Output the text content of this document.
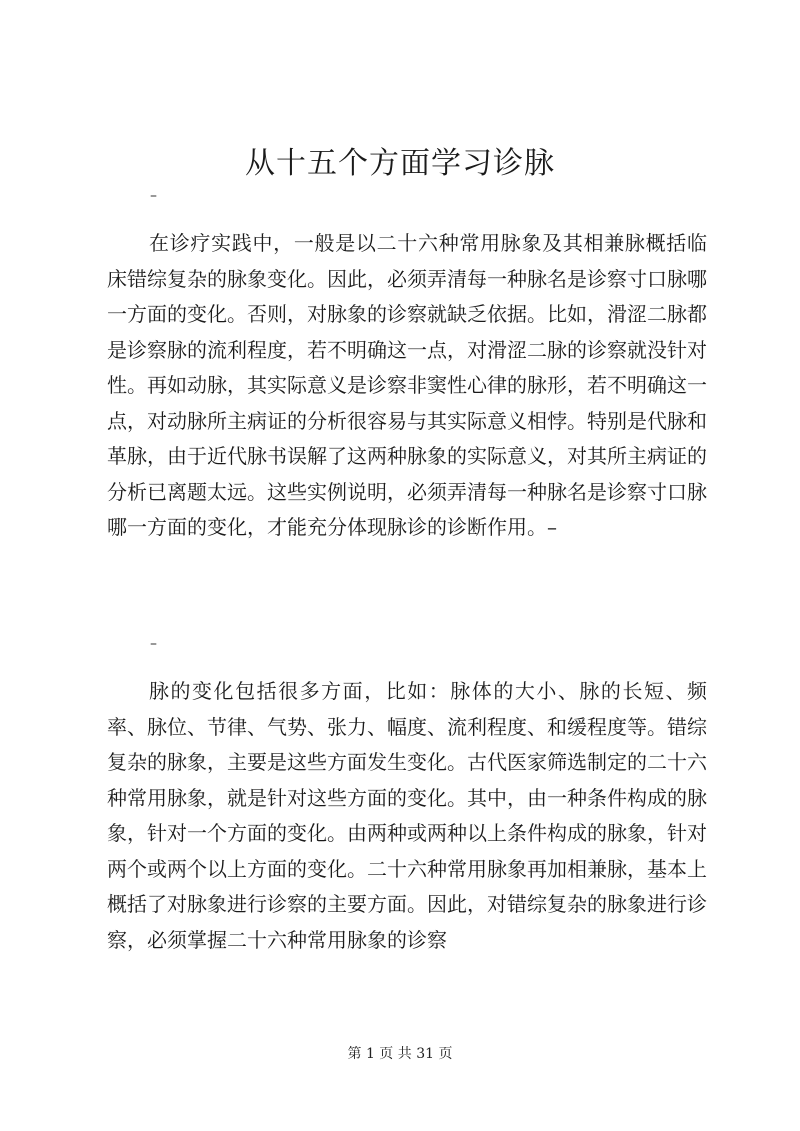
从十五个方面学习诊脉
–

在诊疗实践中，一般是以二十六种常用脉象及其相兼脉概括临床错综复杂的脉象变化。因此，必须弄清每一种脉名是诊察寸口脉哪一方面的变化。否则，对脉象的诊察就缺乏依据。比如，滑涩二脉都是诊察脉的流利程度，若不明确这一点，对滑涩二脉的诊察就没针对性。再如动脉，其实际意义是诊察非窦性心律的脉形，若不明确这一点，对动脉所主病证的分析很容易与其实际意义相悖。特别是代脉和革脉，由于近代脉书误解了这两种脉象的实际意义，对其所主病证的分析已离题太远。这些实例说明，必须弄清每一种脉名是诊察寸口脉哪一方面的变化，才能充分体现脉诊的诊断作用。–

–

脉的变化包括很多方面，比如：脉体的大小、脉的长短、频率、脉位、节律、气势、张力、幅度、流利程度、和缓程度等。错综复杂的脉象，主要是这些方面发生变化。古代医家筛选制定的二十六种常用脉象，就是针对这些方面的变化。其中，由一种条件构成的脉象，针对一个方面的变化。由两种或两种以上条件构成的脉象，针对两个或两个以上方面的变化。二十六种常用脉象再加相兼脉，基本上概括了对脉象进行诊察的主要方面。因此，对错综复杂的脉象进行诊察，必须掌握二十六种常用脉象的诊察

第 1 页 共 31 页
